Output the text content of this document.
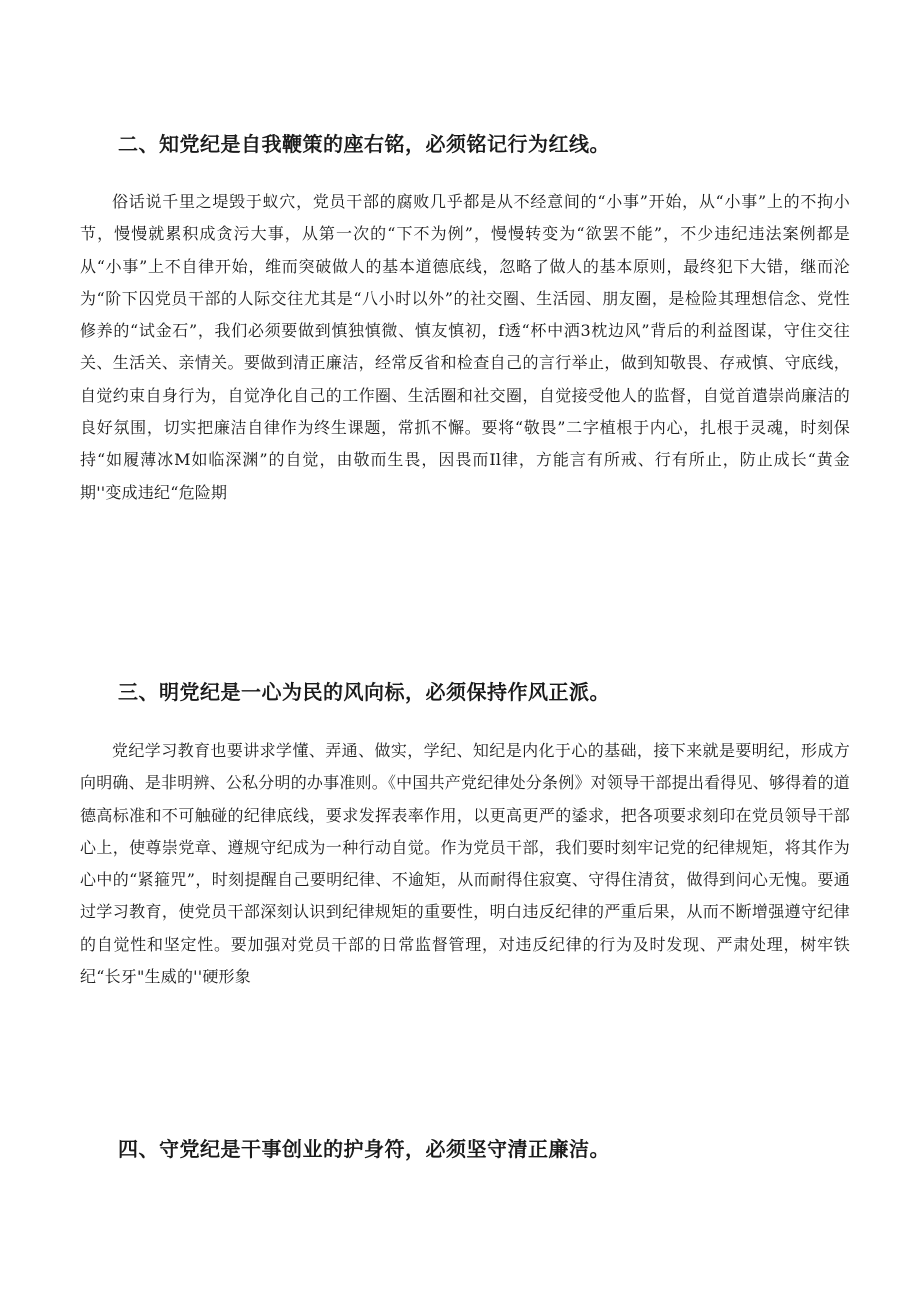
二、知党纪是自我鞭策的座右铭，必须铭记行为红线。

俗话说千里之堤毁于蚁穴，党员干部的腐败几乎都是从不经意间的“小事”开始，从“小事”上的不拘小节，慢慢就累积成贪污大事，从第一次的“下不为例”，慢慢转变为“欲罢不能”，不少违纪违法案例都是从“小事”上不自律开始，维而突破做人的基本道德底线，忽略了做人的基本原则，最终犯下大错，继而沦为“阶下囚党员干部的人际交往尤其是“八小时以外”的社交圈、生活园、朋友圈，是检险其理想信念、党性修养的“试金石”，我们必须要做到慎独慎微、慎友慎初，f透“杯中洒3枕边风”背后的利益图谋，守住交往关、生活关、亲情关。要做到清正廉洁，经常反省和检查自己的言行举止，做到知敬畏、存戒慎、守底线，自觉约束自身行为，自觉净化自己的工作圈、生活圈和社交圈，自觉接受他人的监督，自觉首遣崇尚廉洁的良好氛围，切实把廉洁自律作为终生课题，常抓不懈。要将“敬畏”二字植根于内心，扎根于灵魂，时刻保持“如履薄冰M如临深渊”的自觉，由敬而生畏，因畏而Il律，方能言有所戒、行有所止，防止成长“黄金期''变成违纪“危险期

三、明党纪是一心为民的风向标，必须保持作风正派。

党纪学习教育也要讲求学懂、弄通、做实，学纪、知纪是内化于心的基础，接下来就是要明纪，形成方向明确、是非明辨、公私分明的办事准则。《中国共产党纪律处分条例》对领导干部提出看得见、够得着的道德高标准和不可触碰的纪律底线，要求发挥表率作用，以更高更严的鋈求，把各项要求刻印在党员领导干部心上，使尊崇党章、遵规守纪成为一种行动自觉。作为党员干部，我们要时刻牢记党的纪律规矩，将其作为心中的“紧箍咒”，时刻提醒自己要明纪律、不逾矩，从而耐得住寂寞、守得住清贫，做得到问心无愧。要通过学习教育，使党员干部深刻认识到纪律规矩的重要性，明白违反纪律的严重后果，从而不断增强遵守纪律的自觉性和坚定性。要加强对党员干部的日常监督管理，对违反纪律的行为及时发现、严肃处理，树牢铁纪“长牙"生威的''硬形象

四、守党纪是干事创业的护身符，必须坚守清正廉洁。
